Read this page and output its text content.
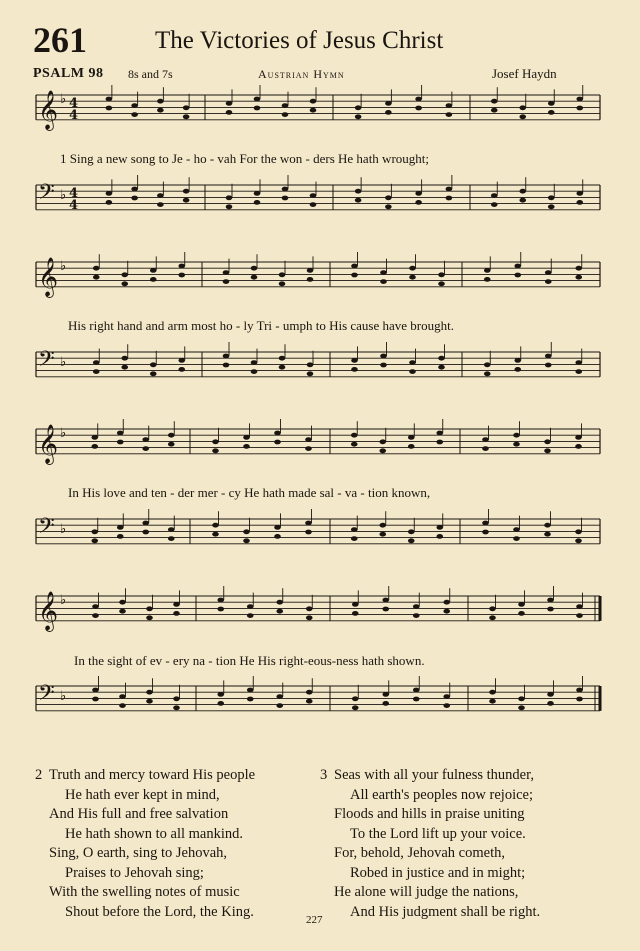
261	The Victories of Jesus Christ
PSALM 98 8s and 7s	Austrian Hymn	Josef Haydn
𝄞 ♭ 4
4
𝄢 ♭ 4
4
𝄞 ♭
𝄢 ♭
𝄞 ♭
𝄢 ♭
𝄞 ♭
𝄢 ♭
1 Sing a new song to Je - ho - vah For the won - ders He hath wrought;
His right hand and arm most ho - ly Tri - umph to His cause have brought.
In His love and ten - der mer - cy He hath made sal - va - tion known,
In the sight of ev - ery na - tion He His right-eous-ness hath shown.
2 Truth and mercy toward His people
He hath ever kept in mind,
And His full and free salvation
He hath shown to all mankind.
Sing, O earth, sing to Jehovah,
Praises to Jehovah sing;
With the swelling notes of music
Shout before the Lord, the King.
3 Seas with all your fulness thunder,
All earth's peoples now rejoice;
Floods and hills in praise uniting
To the Lord lift up your voice.
For, behold, Jehovah cometh,
Robed in justice and in might;
He alone will judge the nations,
And His judgment shall be right.
227
